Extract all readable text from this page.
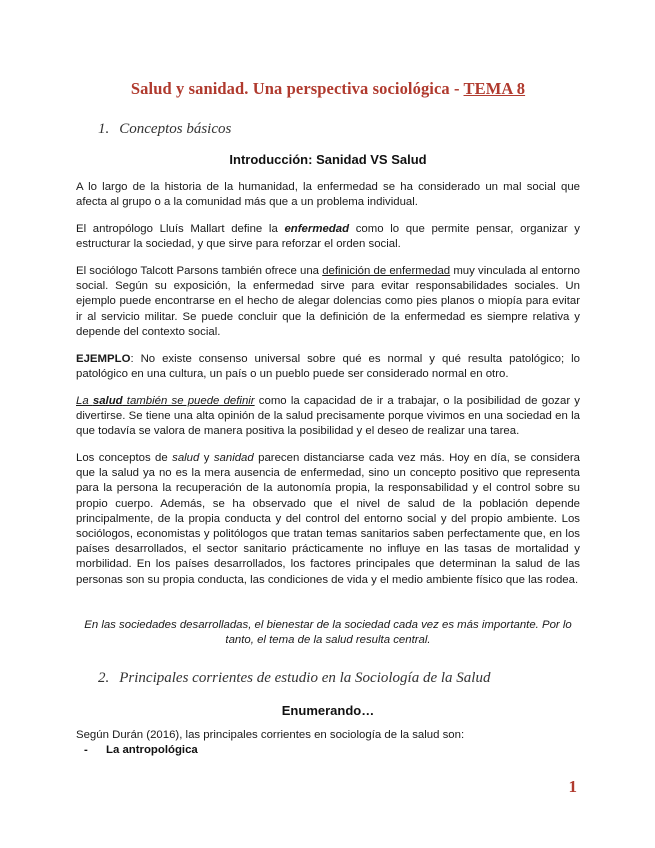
Salud y sanidad. Una perspectiva sociológica - TEMA 8
1. Conceptos básicos
Introducción: Sanidad VS Salud
A lo largo de la historia de la humanidad, la enfermedad se ha considerado un mal social que afecta al grupo o a la comunidad más que a un problema individual.
El antropólogo Lluís Mallart define la enfermedad como lo que permite pensar, organizar y estructurar la sociedad, y que sirve para reforzar el orden social.
El sociólogo Talcott Parsons también ofrece una definición de enfermedad muy vinculada al entorno social. Según su exposición, la enfermedad sirve para evitar responsabilidades sociales. Un ejemplo puede encontrarse en el hecho de alegar dolencias como pies planos o miopía para evitar ir al servicio militar. Se puede concluir que la definición de la enfermedad es siempre relativa y depende del contexto social.
EJEMPLO: No existe consenso universal sobre qué es normal y qué resulta patológico; lo patológico en una cultura, un país o un pueblo puede ser considerado normal en otro.
La salud también se puede definir como la capacidad de ir a trabajar, o la posibilidad de gozar y divertirse. Se tiene una alta opinión de la salud precisamente porque vivimos en una sociedad en la que todavía se valora de manera positiva la posibilidad y el deseo de realizar una tarea.
Los conceptos de salud y sanidad parecen distanciarse cada vez más. Hoy en día, se considera que la salud ya no es la mera ausencia de enfermedad, sino un concepto positivo que representa para la persona la recuperación de la autonomía propia, la responsabilidad y el control sobre su propio cuerpo. Además, se ha observado que el nivel de salud de la población depende principalmente, de la propia conducta y del control del entorno social y del propio ambiente. Los sociólogos, economistas y politólogos que tratan temas sanitarios saben perfectamente que, en los países desarrollados, el sector sanitario prácticamente no influye en las tasas de mortalidad y morbilidad. En los países desarrollados, los factores principales que determinan la salud de las personas son su propia conducta, las condiciones de vida y el medio ambiente físico que las rodea.
En las sociedades desarrolladas, el bienestar de la sociedad cada vez es más importante. Por lo tanto, el tema de la salud resulta central.
2. Principales corrientes de estudio en la Sociología de la Salud
Enumerando…
Según Durán (2016), las principales corrientes en sociología de la salud son:
- La antropológica
1
